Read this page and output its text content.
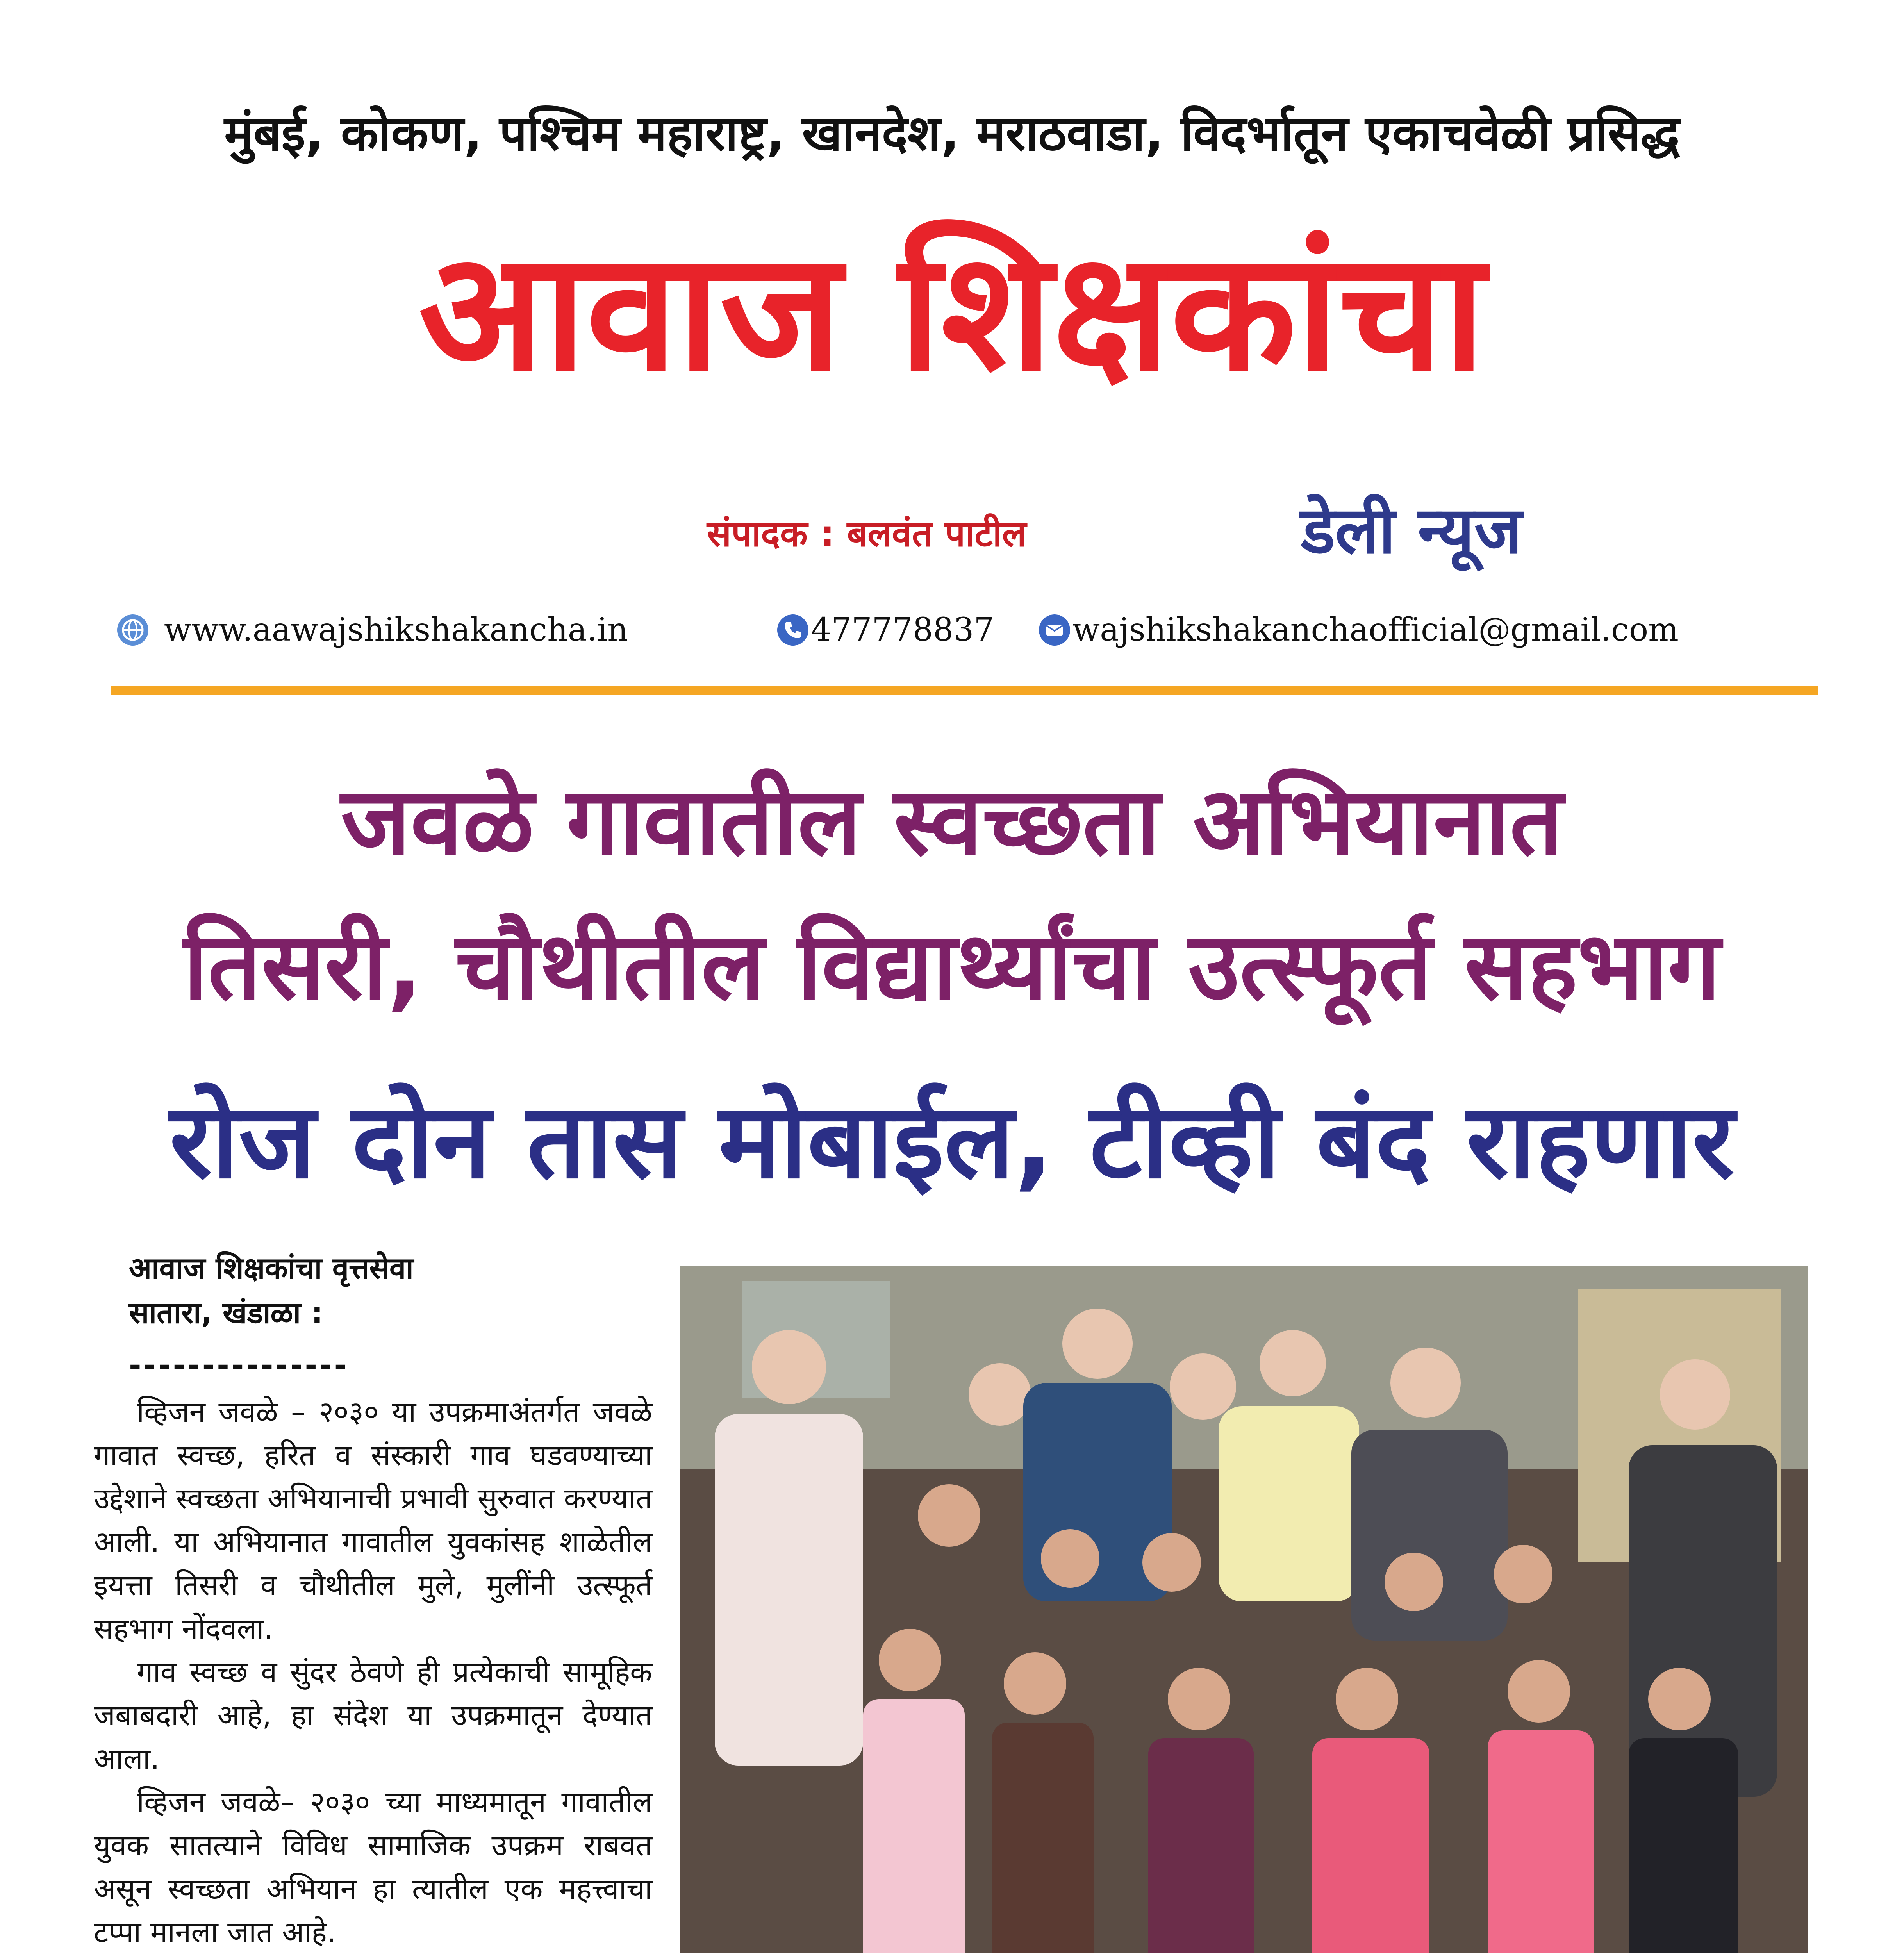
मुंबई, कोकण, पश्चिम महाराष्ट्र, खानदेश, मराठवाडा, विदर्भातून एकाचवेळी प्रसिद्ध
आवाज शिक्षकांचा
डेली न्यूज
संपादक : बलवंत पाटील
www.aawajshikshakancha.in	477778837 wajshikshakanchaofficial@gmail.com
जवळे गावातील स्वच्छता अभियानात
तिसरी, चौथीतील विद्यार्थ्यांचा उत्स्फूर्त सहभाग
रोज दोन तास मोबाईल, टीव्ही बंद राहणार
आवाज शिक्षकांचा वृत्तसेवा
सातारा, खंडाळा :
---------------

व्हिजन जवळे – २०३० या उपक्रमाअंतर्गत जवळे गावात स्वच्छ, हरित व संस्कारी गाव घडवण्याच्या उद्देशाने स्वच्छता अभियानाची प्रभावी सुरुवात करण्यात आली. या अभियानात गावातील युवकांसह शाळेतील इयत्ता तिसरी व चौथीतील मुले, मुलींनी उत्स्फूर्त सहभाग नोंदवला.

गाव स्वच्छ व सुंदर ठेवणे ही प्रत्येकाची सामूहिक जबाबदारी आहे, हा संदेश या उपक्रमातून देण्यात आला.

व्हिजन जवळे– २०३० च्या माध्यमातून गावातील युवक सातत्याने विविध सामाजिक उपक्रम राबवत असून स्वच्छता अभियान हा त्यातील एक महत्त्वाचा टप्पा मानला जात आहे.
